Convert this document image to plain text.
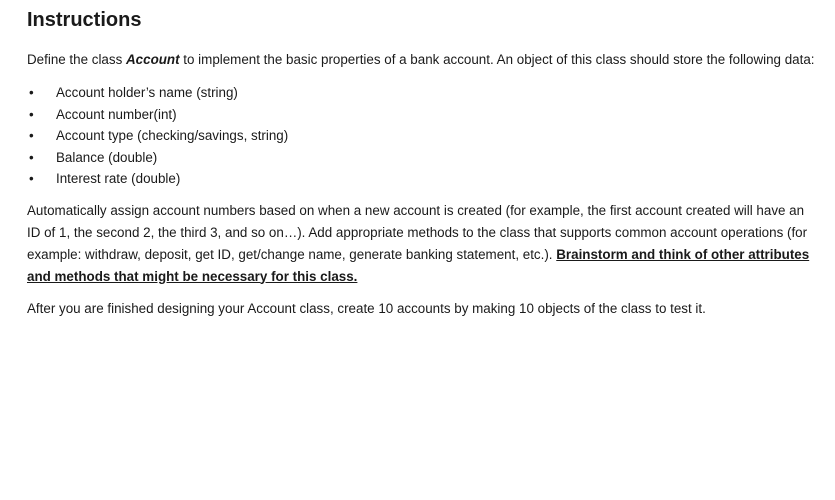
Instructions

Define the class Account to implement the basic properties of a bank account. An object of this class should store the following data:

• Account holder’s name (string)
• Account number(int)
• Account type (checking/savings, string)
• Balance (double)
• Interest rate (double)

Automatically assign account numbers based on when a new account is created (for example, the first account created will have an ID of 1, the second 2, the third 3, and so on…). Add appropriate methods to the class that supports common account operations (for example: withdraw, deposit, get ID, get/change name, generate banking statement, etc.). Brainstorm and think of other attributes and methods that might be necessary for this class.

After you are finished designing your Account class, create 10 accounts by making 10 objects of the class to test it.
